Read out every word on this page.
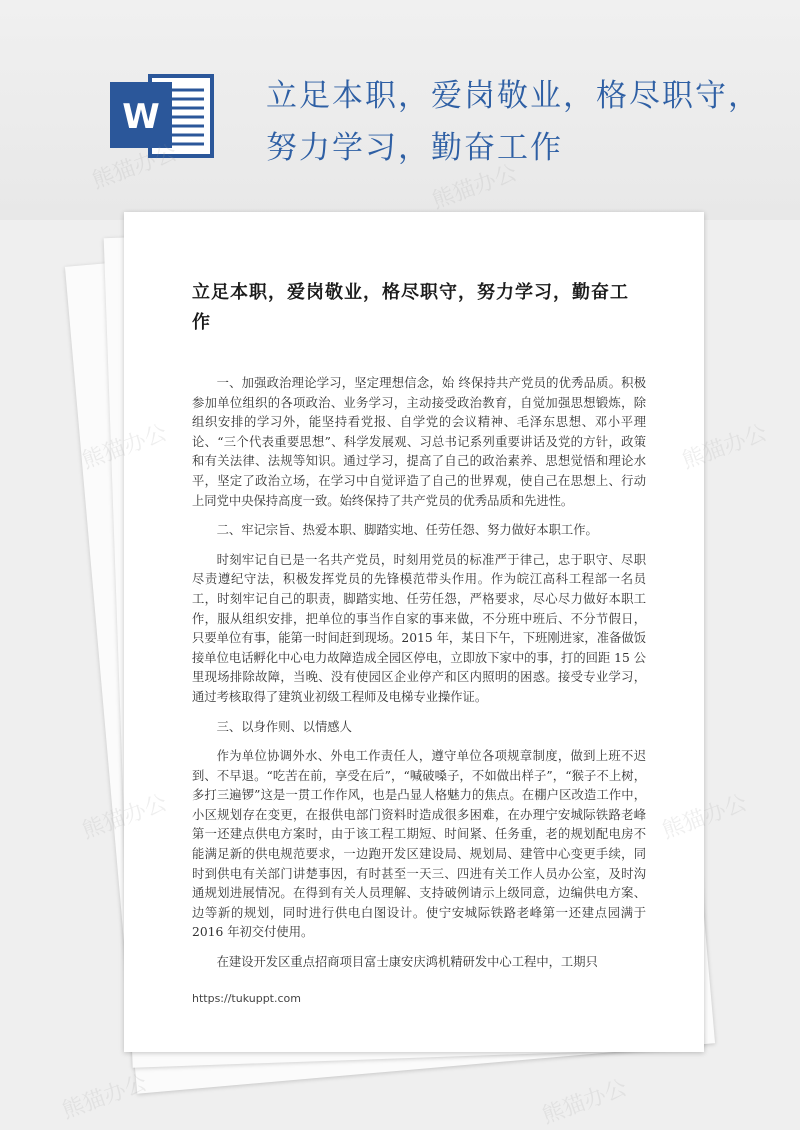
W
立足本职，爱岗敬业，格尽职守，努力学习，勤奋工作
立足本职，爱岗敬业，格尽职守，努力学习，勤奋工作

一、加强政治理论学习，坚定理想信念，始 终保持共产党员的优秀品质。积极参加单位组织的各项政治、业务学习，主动接受政治教育，自觉加强思想锻炼，除组织安排的学习外，能坚持看党报、自学党的会议精神、毛泽东思想、邓小平理论、“三个代表重要思想”、科学发展观、习总书记系列重要讲话及党的方针，政策和有关法律、法规等知识。通过学习，提高了自己的政治素养、思想觉悟和理论水平，坚定了政治立场，在学习中自觉评造了自己的世界观，使自己在思想上、行动上同党中央保持高度一致。始终保持了共产党员的优秀品质和先进性。

二、牢记宗旨、热爱本职、脚踏实地、任劳任怨、努力做好本职工作。

时刻牢记自已是一名共产党员，时刻用党员的标准严于律己，忠于职守、尽职尽责遵纪守法，积极发挥党员的先锋模范带头作用。作为皖江高科工程部一名员工，时刻牢记自己的职责，脚踏实地、任劳任怨，严格要求，尽心尽力做好本职工作，服从组织安排，把单位的事当作自家的事来做，不分班中班后、不分节假日，只要单位有事，能第一时间赶到现场。2015 年，某日下午，下班刚进家，准备做饭接单位电话孵化中心电力故障造成全园区停电，立即放下家中的事，打的回距 15 公里现场排除故障，当晚、没有使园区企业停产和区内照明的困惑。接受专业学习，通过考核取得了建筑业初级工程师及电梯专业操作证。

三、以身作则、以情感人

作为单位协调外水、外电工作责任人，遵守单位各项规章制度，做到上班不迟到、不早退。“吃苦在前，享受在后”，“喊破嗓子，不如做出样子”，“猴子不上树，多打三遍锣”这是一贯工作作风，也是凸显人格魅力的焦点。在棚户区改造工作中，小区规划存在变更，在报供电部门资料时造成很多困难，在办理宁安城际铁路老峰第一还建点供电方案时，由于该工程工期短、时间紧、任务重，老的规划配电房不能满足新的供电规范要求，一边跑开发区建设局、规划局、建管中心变更手续，同时到供电有关部门讲楚事因，有时甚至一天三、四进有关工作人员办公室，及时沟通规划进展情况。在得到有关人员理解、支持破例请示上级同意，边编供电方案、边等新的规划，同时进行供电白图设计。使宁安城际铁路老峰第一还建点园满于 2016 年初交付使用。

在建设开发区重点招商项目富士康安庆鸿机精研发中心工程中，工期只

https://tukuppt.com
熊猫办公
熊猫办公
熊猫办公	熊猫办公
